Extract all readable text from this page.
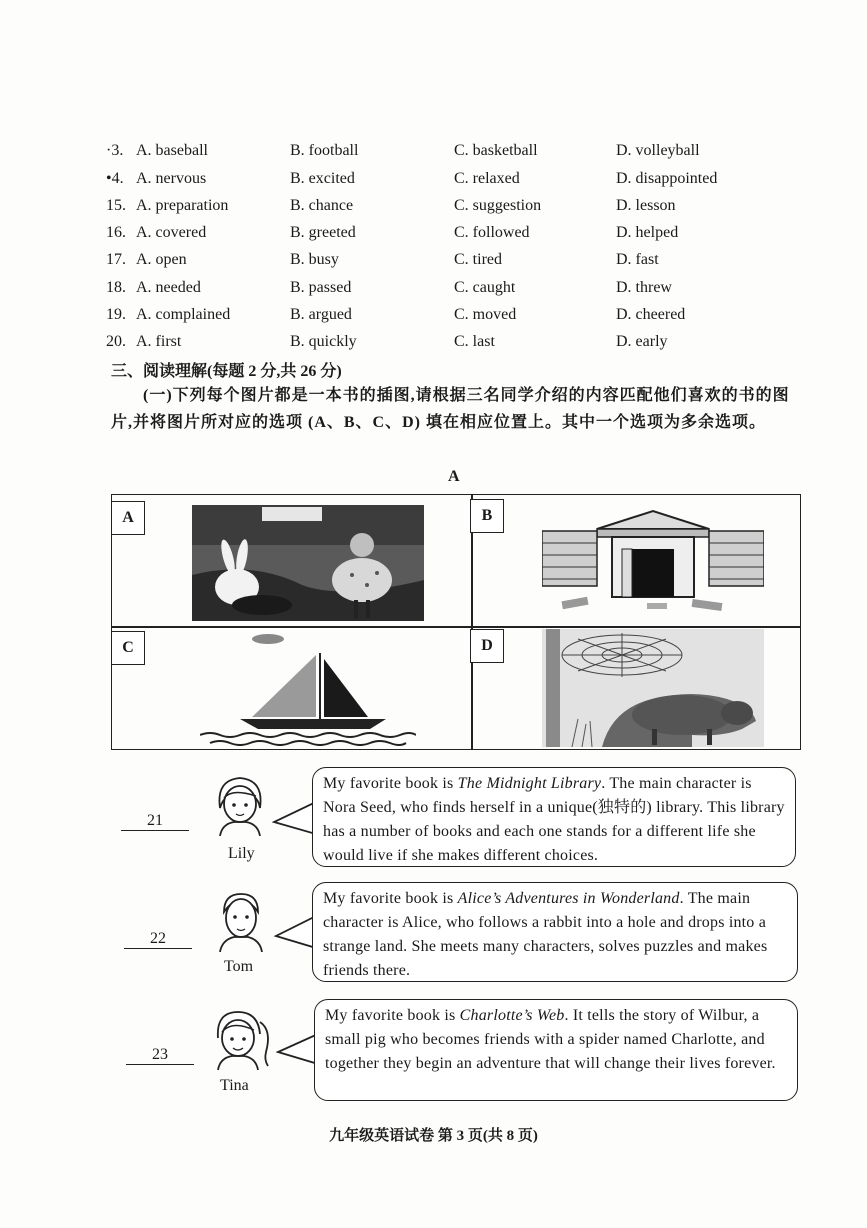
·3. A. baseball	B. football	C. basketball	D. volleyball
•4. A. nervous	B. excited	C. relaxed	D. disappointed
15. A. preparation	B. chance	C. suggestion	D. lesson
16. A. covered	B. greeted	C. followed	D. helped
17. A. open	B. busy	C. tired	D. fast
18. A. needed	B. passed	C. caught	D. threw
19. A. complained	B. argued	C. moved	D. cheered
20. A. first	B. quickly	C. last	D. early
三、阅读理解(每题 2 分,共 26 分)
(一)下列每个图片都是一本书的插图,请根据三名同学介绍的内容匹配他们喜欢的书的图片,并将图片所对应的选项 (A、B、C、D) 填在相应位置上。其中一个选项为多余选项。
A
A	B
C	D
21
Lily
My favorite book is The Midnight Library. The main character is Nora Seed, who finds herself in a unique(独特的) library. This library has a number of books and each one stands for a different life she would live if she makes different choices.
22
Tom
My favorite book is Alice’s Adventures in Wonderland. The main character is Alice, who follows a rabbit into a hole and drops into a strange land. She meets many characters, solves puzzles and makes friends there.
23
Tina
My favorite book is Charlotte’s Web. It tells the story of Wilbur, a small pig who becomes friends with a spider named Charlotte, and together they begin an adventure that will change their lives forever.
九年级英语试卷 第 3 页(共 8 页)
